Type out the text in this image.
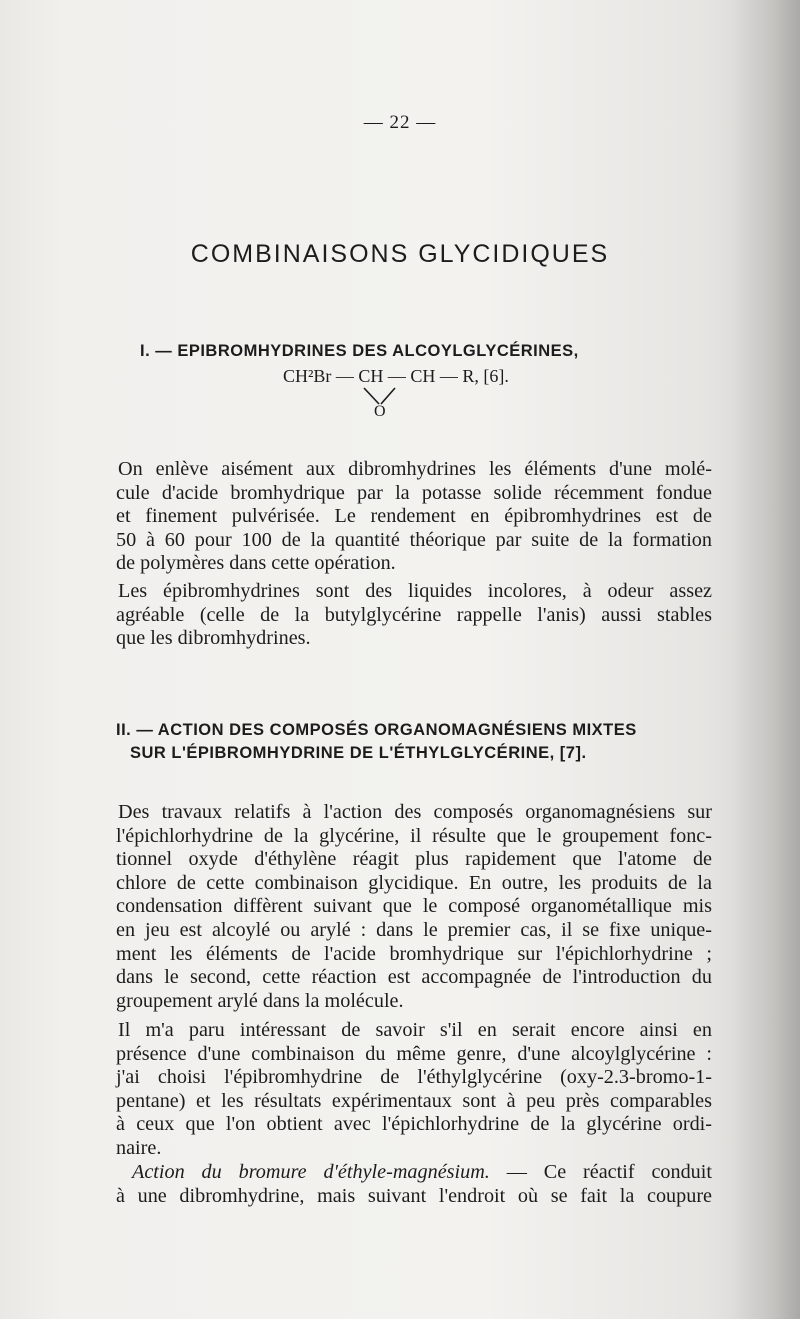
— 22 —
COMBINAISONS GLYCIDIQUES
I. — EPIBROMHYDRINES DES ALCOYLGLYCÉRINES,
CH²Br — CH — CH — R, [6].
O
On enlève aisément aux dibromhydrines les éléments d'une molé-
cule d'acide bromhydrique par la potasse solide récemment fondue
et finement pulvérisée. Le rendement en épibromhydrines est de
50 à 60 pour 100 de la quantité théorique par suite de la formation
de polymères dans cette opération.
Les épibromhydrines sont des liquides incolores, à odeur assez
agréable (celle de la butylglycérine rappelle l'anis) aussi stables
que les dibromhydrines.
II. — ACTION DES COMPOSÉS ORGANOMAGNÉSIENS MIXTES
SUR L'ÉPIBROMHYDRINE DE L'ÉTHYLGLYCÉRINE, [7].
Des travaux relatifs à l'action des composés organomagnésiens sur
l'épichlorhydrine de la glycérine, il résulte que le groupement fonc-
tionnel oxyde d'éthylène réagit plus rapidement que l'atome de
chlore de cette combinaison glycidique. En outre, les produits de la
condensation diffèrent suivant que le composé organométallique mis
en jeu est alcoylé ou arylé : dans le premier cas, il se fixe unique-
ment les éléments de l'acide bromhydrique sur l'épichlorhydrine ;
dans le second, cette réaction est accompagnée de l'introduction du
groupement arylé dans la molécule.
Il m'a paru intéressant de savoir s'il en serait encore ainsi en
présence d'une combinaison du même genre, d'une alcoylglycérine :
j'ai choisi l'épibromhydrine de l'éthylglycérine (oxy-2.3-bromo-1-
pentane) et les résultats expérimentaux sont à peu près comparables
à ceux que l'on obtient avec l'épichlorhydrine de la glycérine ordi-
naire.
Action du bromure d'éthyle-magnésium. — Ce réactif conduit
à une dibromhydrine, mais suivant l'endroit où se fait la coupure
